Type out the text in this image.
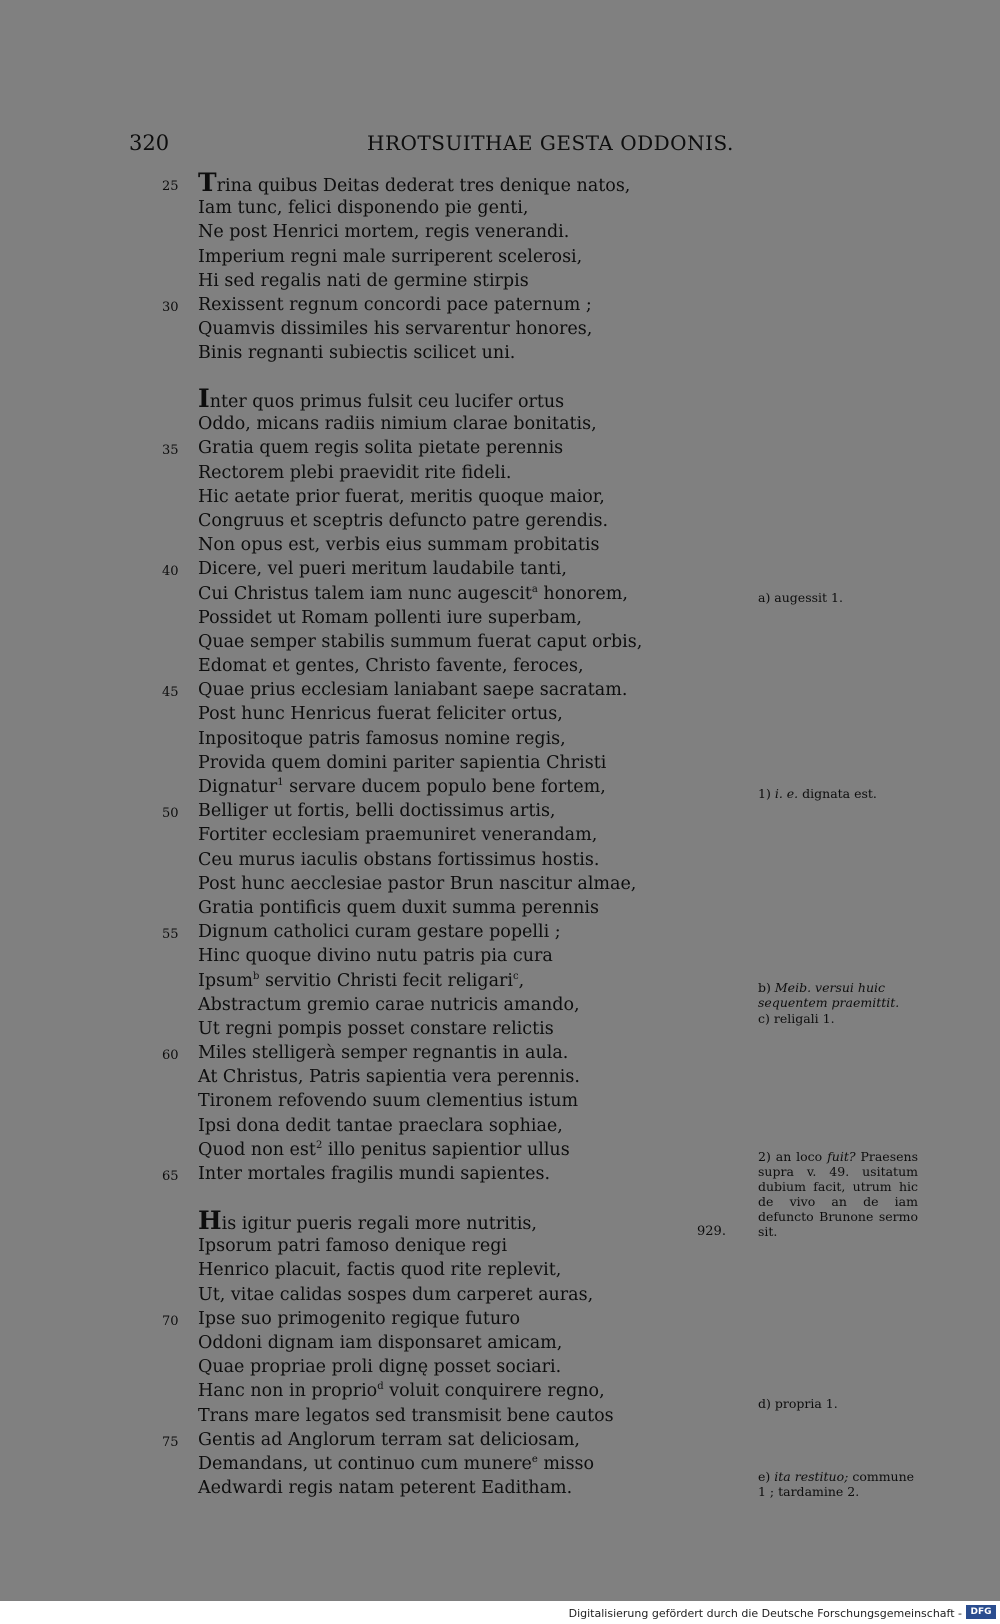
320	HROTSUITHAE GESTA ODDONIS.
25 Trina quibus Deitas dederat tres denique natos,
Iam tunc, felici disponendo pie genti,
Ne post Henrici mortem, regis venerandi.
Imperium regni male surriperent scelerosi,
Hi sed regalis nati de germine stirpis
30 Rexissent regnum concordi pace paternum ;
Quamvis dissimiles his servarentur honores,
Binis regnanti subiectis scilicet uni.
Inter quos primus fulsit ceu lucifer ortus
Oddo, micans radiis nimium clarae bonitatis,
35 Gratia quem regis solita pietate perennis
Rectorem plebi praevidit rite fideli.
Hic aetate prior fuerat, meritis quoque maior,
Congruus et sceptris defuncto patre gerendis.
Non opus est, verbis eius summam probitatis
40 Dicere, vel pueri meritum laudabile tanti,
Cui Christus talem iam nunc augescit$^a$ honorem,
Possidet ut Romam pollenti iure superbam,
Quae semper stabilis summum fuerat caput orbis,
Edomat et gentes, Christo favente, feroces,
45 Quae prius ecclesiam laniabant saepe sacratam.
Post hunc Henricus fuerat feliciter ortus,
Inpositoque patris famosus nomine regis,
Provida quem domini pariter sapientia Christi
Dignatur$^1$ servare ducem populo bene fortem,
50 Belliger ut fortis, belli doctissimus artis,
Fortiter ecclesiam praemuniret venerandam,
Ceu murus iaculis obstans fortissimus hostis.
Post hunc aecclesiae pastor Brun nascitur almae,
Gratia pontificis quem duxit summa perennis
55 Dignum catholici curam gestare popelli ;
Hinc quoque divino nutu patris pia cura
Ipsum$^b$ servitio Christi fecit religari$^c$,
Abstractum gremio carae nutricis amando,
Ut regni pompis posset constare relictis
60 Miles stelligerà semper regnantis in aula.
At Christus, Patris sapientia vera perennis.
Tironem refovendo suum clementius istum
Ipsi dona dedit tantae praeclara sophiae,
Quod non est$^2$ illo penitus sapientior ullus
65 Inter mortales fragilis mundi sapientes.
His igitur pueris regali more nutritis,
Ipsorum patri famoso denique regi
Henrico placuit, factis quod rite replevit,
Ut, vitae calidas sospes dum carperet auras,
70 Ipse suo primogenito regique futuro
Oddoni dignam iam disponsaret amicam,
Quae propriae proli dignę posset sociari.
Hanc non in proprio$^d$ voluit conquirere regno,
Trans mare legatos sed transmisit bene cautos
75 Gentis ad Anglorum terram sat deliciosam,
Demandans, ut continuo cum munere$^e$ misso
Aedwardi regis natam peterent Eaditham.
929.
a) augessit 1.
1) i. e. dignata est.
b) Meib. versui huic sequentem praemittit.
c) religali 1.
2) an loco fuit? Praesens supra v. 49. usitatum dubium facit, utrum hic de vivo an de iam defuncto Brunone sermo sit.
d) propria 1.
e) ita restituo; commune 1 ; tardamine 2.
Digitalisierung gefördert durch die Deutsche Forschungsgemeinschaft - DFG
